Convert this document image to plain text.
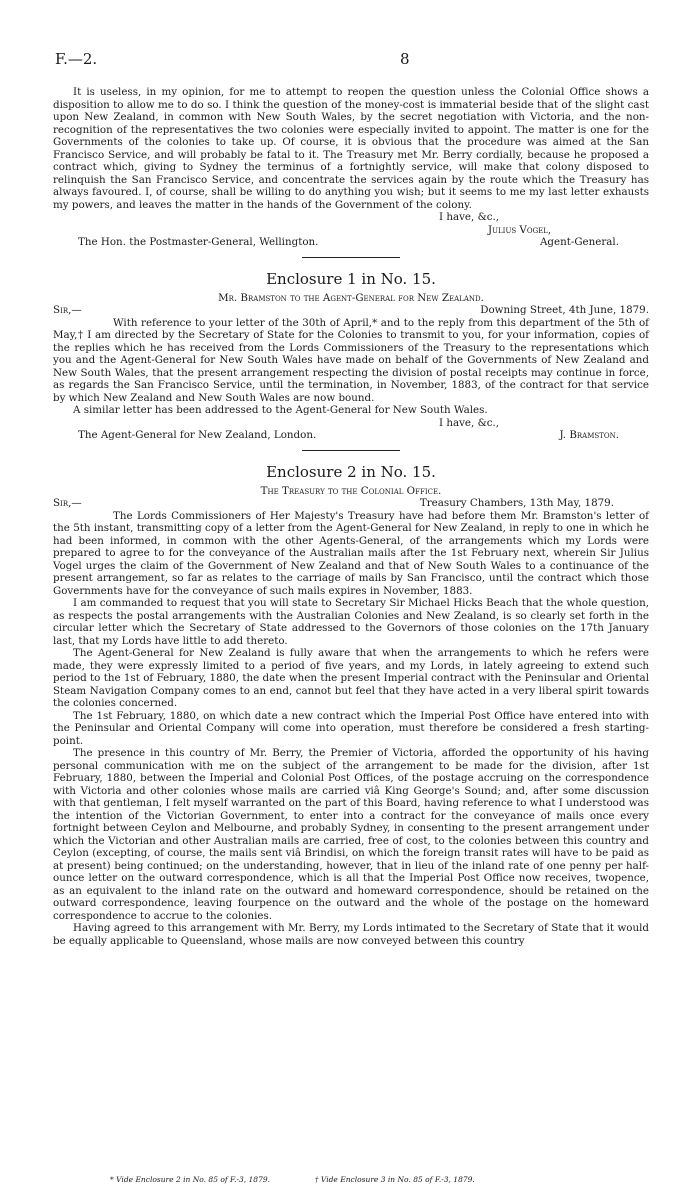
F.—2.	8

It is useless, in my opinion, for me to attempt to reopen the question unless the Colonial Office shows a disposition to allow me to do so. I think the question of the money-cost is immaterial beside that of the slight cast upon New Zealand, in common with New South Wales, by the secret negotiation with Victoria, and the non-recognition of the representatives the two colonies were especially invited to appoint. The matter is one for the Governments of the colonies to take up. Of course, it is obvious that the procedure was aimed at the San Francisco Service, and will probably be fatal to it. The Treasury met Mr. Berry cordially, because he proposed a contract which, giving to Sydney the terminus of a fortnightly service, will make that colony disposed to relinquish the San Francisco Service, and concentrate the services again by the route which the Treasury has always favoured. I, of course, shall be willing to do anything you wish; but it seems to me my last letter exhausts my powers, and leaves the matter in the hands of the Government of the colony.

I have, &c.,
Julius Vogel,
The Hon. the Postmaster-General, Wellington.	Agent-General.
Enclosure 1 in No. 15.
Mr. Bramston to the Agent-General for New Zealand.
Sir,—	Downing Street, 4th June, 1879.

With reference to your letter of the 30th of April,* and to the reply from this department of the 5th of May,† I am directed by the Secretary of State for the Colonies to transmit to you, for your information, copies of the replies which he has received from the Lords Commissioners of the Treasury to the representations which you and the Agent-General for New South Wales have made on behalf of the Governments of New Zealand and New South Wales, that the present arrangement respecting the division of postal receipts may continue in force, as regards the San Francisco Service, until the termination, in November, 1883, of the contract for that service by which New Zealand and New South Wales are now bound.

A similar letter has been addressed to the Agent-General for New South Wales.

I have, &c.,
The Agent-General for New Zealand, London.	J. Bramston.
Enclosure 2 in No. 15.
The Treasury to the Colonial Office.
Sir,—	Treasury Chambers, 13th May, 1879.

The Lords Commissioners of Her Majesty's Treasury have had before them Mr. Bramston's letter of the 5th instant, transmitting copy of a letter from the Agent-General for New Zealand, in reply to one in which he had been informed, in common with the other Agents-General, of the arrangements which my Lords were prepared to agree to for the conveyance of the Australian mails after the 1st February next, wherein Sir Julius Vogel urges the claim of the Government of New Zealand and that of New South Wales to a continuance of the present arrangement, so far as relates to the carriage of mails by San Francisco, until the contract which those Governments have for the conveyance of such mails expires in November, 1883.

I am commanded to request that you will state to Secretary Sir Michael Hicks Beach that the whole question, as respects the postal arrangements with the Australian Colonies and New Zealand, is so clearly set forth in the circular letter which the Secretary of State addressed to the Governors of those colonies on the 17th January last, that my Lords have little to add thereto.

The Agent-General for New Zealand is fully aware that when the arrangements to which he refers were made, they were expressly limited to a period of five years, and my Lords, in lately agreeing to extend such period to the 1st of February, 1880, the date when the present Imperial contract with the Peninsular and Oriental Steam Navigation Company comes to an end, cannot but feel that they have acted in a very liberal spirit towards the colonies concerned.

The 1st February, 1880, on which date a new contract which the Imperial Post Office have entered into with the Peninsular and Oriental Company will come into operation, must therefore be considered a fresh starting-point.

The presence in this country of Mr. Berry, the Premier of Victoria, afforded the opportunity of his having personal communication with me on the subject of the arrangement to be made for the division, after 1st February, 1880, between the Imperial and Colonial Post Offices, of the postage accruing on the correspondence with Victoria and other colonies whose mails are carried viâ King George's Sound; and, after some discussion with that gentleman, I felt myself warranted on the part of this Board, having reference to what I understood was the intention of the Victorian Government, to enter into a contract for the conveyance of mails once every fortnight between Ceylon and Melbourne, and probably Sydney, in consenting to the present arrangement under which the Victorian and other Australian mails are carried, free of cost, to the colonies between this country and Ceylon (excepting, of course, the mails sent viâ Brindisi, on which the foreign transit rates will have to be paid as at present) being continued; on the understanding, however, that in lieu of the inland rate of one penny per half-ounce letter on the outward correspondence, which is all that the Imperial Post Office now receives, twopence, as an equivalent to the inland rate on the outward and homeward correspondence, should be retained on the outward correspondence, leaving fourpence on the outward and the whole of the postage on the homeward correspondence to accrue to the colonies.

Having agreed to this arrangement with Mr. Berry, my Lords intimated to the Secretary of State that it would be equally applicable to Queensland, whose mails are now conveyed between this country

* Vide Enclosure 2 in No. 85 of F.-3, 1879.	† Vide Enclosure 3 in No. 85 of F.-3, 1879.
